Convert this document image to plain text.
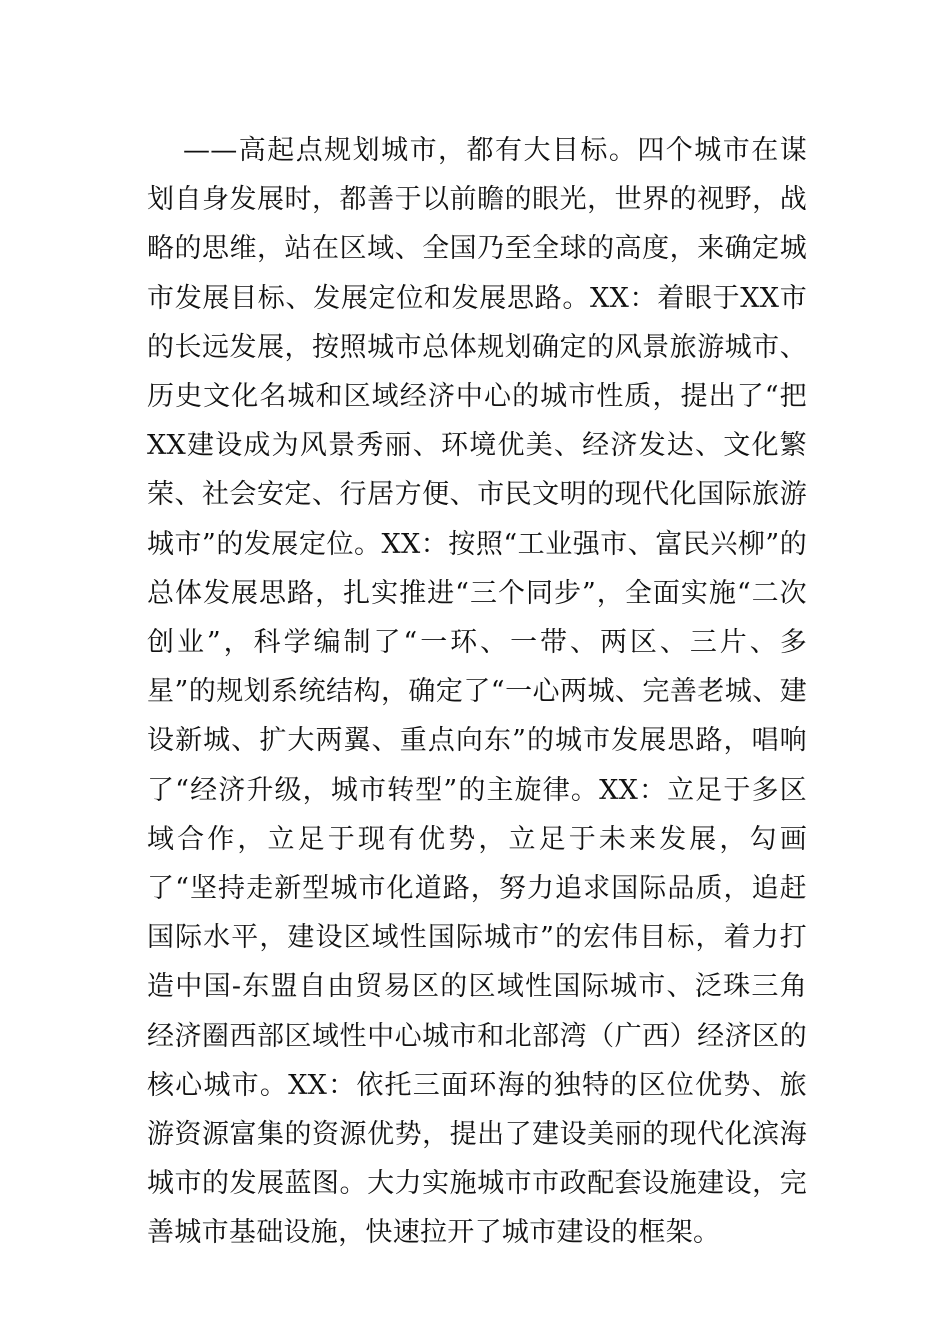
——高起点规划城市，都有大目标。四个城市在谋划自身发展时，都善于以前瞻的眼光，世界的视野，战略的思维，站在区域、全国乃至全球的高度，来确定城市发展目标、发展定位和发展思路。XX：着眼于XX市的长远发展，按照城市总体规划确定的风景旅游城市、历史文化名城和区域经济中心的城市性质，提出了“把XX建设成为风景秀丽、环境优美、经济发达、文化繁荣、社会安定、行居方便、市民文明的现代化国际旅游城市”的发展定位。XX：按照“工业强市、富民兴柳”的总体发展思路，扎实推进“三个同步”，全面实施“二次创业”，科学编制了“一环、一带、两区、三片、多星”的规划系统结构，确定了“一心两城、完善老城、建设新城、扩大两翼、重点向东”的城市发展思路，唱响了“经济升级，城市转型”的主旋律。XX：立足于多区域合作，立足于现有优势，立足于未来发展，勾画了“坚持走新型城市化道路，努力追求国际品质，追赶国际水平，建设区域性国际城市”的宏伟目标，着力打造中国-东盟自由贸易区的区域性国际城市、泛珠三角经济圈西部区域性中心城市和北部湾（广西）经济区的核心城市。XX：依托三面环海的独特的区位优势、旅游资源富集的资源优势，提出了建设美丽的现代化滨海城市的发展蓝图。大力实施城市市政配套设施建设，完善城市基础设施，快速拉开了城市建设的框架。
